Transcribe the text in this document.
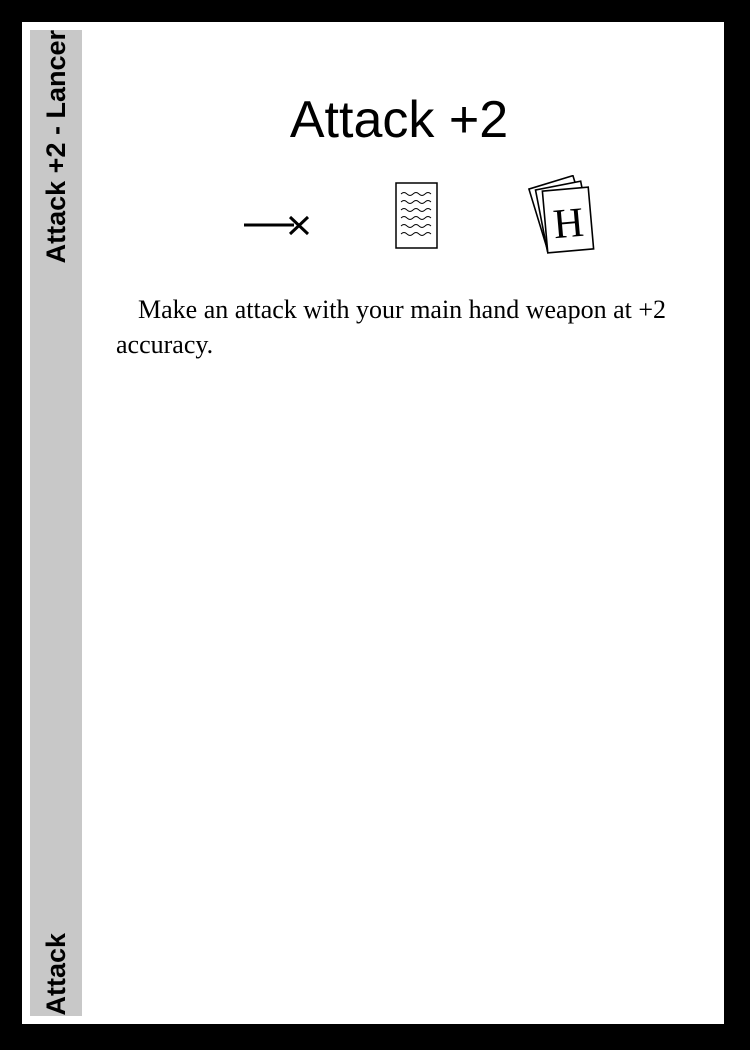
Attack +2 - Lancer
Attack
Attack +2
H
Make an attack with your main hand weapon at +2 accuracy.
